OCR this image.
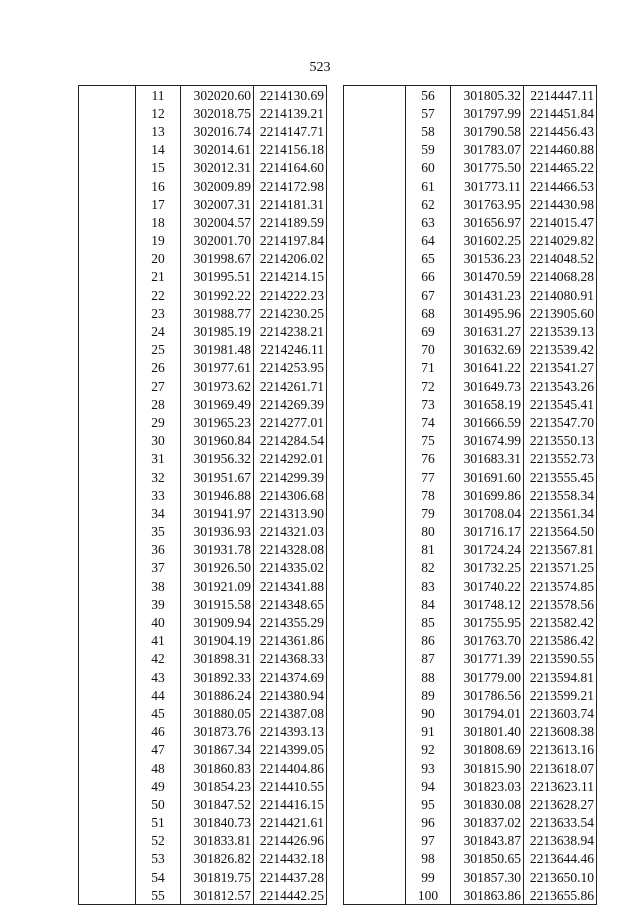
523
	11	302020.60	2214130.69
	12	302018.75	2214139.21
	13	302016.74	2214147.71
	14	302014.61	2214156.18
	15	302012.31	2214164.60
	16	302009.89	2214172.98
	17	302007.31	2214181.31
	18	302004.57	2214189.59
	19	302001.70	2214197.84
	20	301998.67	2214206.02
	21	301995.51	2214214.15
	22	301992.22	2214222.23
	23	301988.77	2214230.25
	24	301985.19	2214238.21
	25	301981.48	2214246.11
	26	301977.61	2214253.95
	27	301973.62	2214261.71
	28	301969.49	2214269.39
	29	301965.23	2214277.01
	30	301960.84	2214284.54
	31	301956.32	2214292.01
	32	301951.67	2214299.39
	33	301946.88	2214306.68
	34	301941.97	2214313.90
	35	301936.93	2214321.03
	36	301931.78	2214328.08
	37	301926.50	2214335.02
	38	301921.09	2214341.88
	39	301915.58	2214348.65
	40	301909.94	2214355.29
	41	301904.19	2214361.86
	42	301898.31	2214368.33
	43	301892.33	2214374.69
	44	301886.24	2214380.94
	45	301880.05	2214387.08
	46	301873.76	2214393.13
	47	301867.34	2214399.05
	48	301860.83	2214404.86
	49	301854.23	2214410.55
	50	301847.52	2214416.15
	51	301840.73	2214421.61
	52	301833.81	2214426.96
	53	301826.82	2214432.18
	54	301819.75	2214437.28
	55	301812.57	2214442.25
	56	301805.32	2214447.11
	57	301797.99	2214451.84
	58	301790.58	2214456.43
	59	301783.07	2214460.88
	60	301775.50	2214465.22
	61	301773.11	2214466.53
	62	301763.95	2214430.98
	63	301656.97	2214015.47
	64	301602.25	2214029.82
	65	301536.23	2214048.52
	66	301470.59	2214068.28
	67	301431.23	2214080.91
	68	301495.96	2213905.60
	69	301631.27	2213539.13
	70	301632.69	2213539.42
	71	301641.22	2213541.27
	72	301649.73	2213543.26
	73	301658.19	2213545.41
	74	301666.59	2213547.70
	75	301674.99	2213550.13
	76	301683.31	2213552.73
	77	301691.60	2213555.45
	78	301699.86	2213558.34
	79	301708.04	2213561.34
	80	301716.17	2213564.50
	81	301724.24	2213567.81
	82	301732.25	2213571.25
	83	301740.22	2213574.85
	84	301748.12	2213578.56
	85	301755.95	2213582.42
	86	301763.70	2213586.42
	87	301771.39	2213590.55
	88	301779.00	2213594.81
	89	301786.56	2213599.21
	90	301794.01	2213603.74
	91	301801.40	2213608.38
	92	301808.69	2213613.16
	93	301815.90	2213618.07
	94	301823.03	2213623.11
	95	301830.08	2213628.27
	96	301837.02	2213633.54
	97	301843.87	2213638.94
	98	301850.65	2213644.46
	99	301857.30	2213650.10
	100	301863.86	2213655.86
